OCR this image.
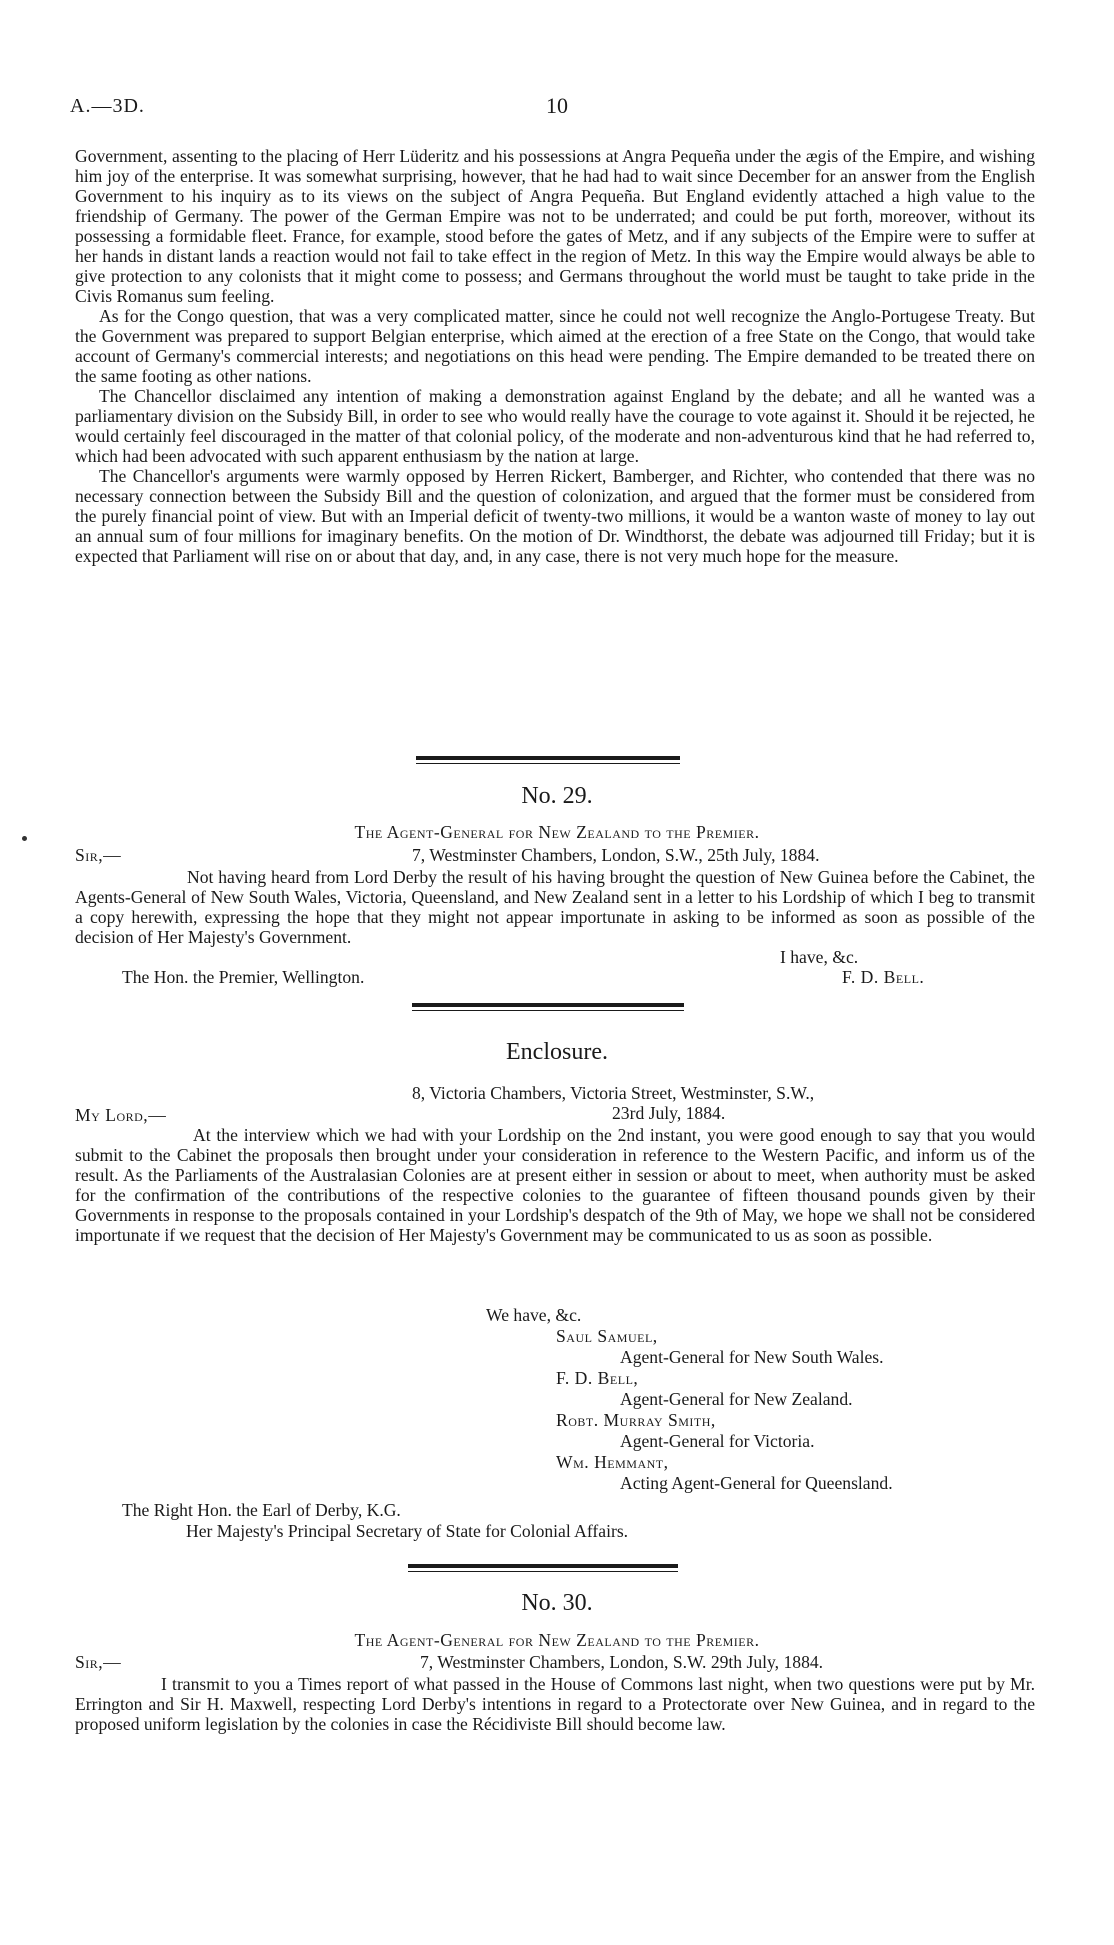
A.—3D.	10

Government, assenting to the placing of Herr Lüderitz and his possessions at Angra Pequeña under the ægis of the Empire, and wishing him joy of the enterprise. It was somewhat surprising, however, that he had had to wait since December for an answer from the English Government to his inquiry as to its views on the subject of Angra Pequeña. But England evidently attached a high value to the friendship of Germany. The power of the German Empire was not to be underrated; and could be put forth, moreover, without its possessing a formidable fleet. France, for example, stood before the gates of Metz, and if any subjects of the Empire were to suffer at her hands in distant lands a reaction would not fail to take effect in the region of Metz. In this way the Empire would always be able to give protection to any colonists that it might come to possess; and Germans throughout the world must be taught to take pride in the Civis Romanus sum feeling.

As for the Congo question, that was a very complicated matter, since he could not well recognize the Anglo-Portugese Treaty. But the Government was prepared to support Belgian enterprise, which aimed at the erection of a free State on the Congo, that would take account of Germany's commercial interests; and negotiations on this head were pending. The Empire demanded to be treated there on the same footing as other nations.

The Chancellor disclaimed any intention of making a demonstration against England by the debate; and all he wanted was a parliamentary division on the Subsidy Bill, in order to see who would really have the courage to vote against it. Should it be rejected, he would certainly feel discouraged in the matter of that colonial policy, of the moderate and non-adventurous kind that he had referred to, which had been advocated with such apparent enthusiasm by the nation at large.

The Chancellor's arguments were warmly opposed by Herren Rickert, Bamberger, and Richter, who contended that there was no necessary connection between the Subsidy Bill and the question of colonization, and argued that the former must be considered from the purely financial point of view. But with an Imperial deficit of twenty-two millions, it would be a wanton waste of money to lay out an annual sum of four millions for imaginary benefits. On the motion of Dr. Windthorst, the debate was adjourned till Friday; but it is expected that Parliament will rise on or about that day, and, in any case, there is not very much hope for the measure.

No. 29.
The Agent-General for New Zealand to the Premier.
Sir,—	7, Westminster Chambers, London, S.W., 25th July, 1884.

Not having heard from Lord Derby the result of his having brought the question of New Guinea before the Cabinet, the Agents-General of New South Wales, Victoria, Queensland, and New Zealand sent in a letter to his Lordship of which I beg to transmit a copy herewith, expressing the hope that they might not appear importunate in asking to be informed as soon as possible of the decision of Her Majesty's Government.

I have, &c.
The Hon. the Premier, Wellington.	F. D. Bell.
Enclosure.
8, Victoria Chambers, Victoria Street, Westminster, S.W.,
My Lord,—	23rd July, 1884.

At the interview which we had with your Lordship on the 2nd instant, you were good enough to say that you would submit to the Cabinet the proposals then brought under your consideration in reference to the Western Pacific, and inform us of the result. As the Parliaments of the Australasian Colonies are at present either in session or about to meet, when authority must be asked for the confirmation of the contributions of the respective colonies to the guarantee of fifteen thousand pounds given by their Governments in response to the proposals contained in your Lordship's despatch of the 9th of May, we hope we shall not be considered importunate if we request that the decision of Her Majesty's Government may be communicated to us as soon as possible.

We have, &c.
Saul Samuel,
Agent-General for New South Wales.
F. D. Bell,
Agent-General for New Zealand.
Robt. Murray Smith,
Agent-General for Victoria.
Wm. Hemmant,
Acting Agent-General for Queensland.
The Right Hon. the Earl of Derby, K.G.
Her Majesty's Principal Secretary of State for Colonial Affairs.
No. 30.
The Agent-General for New Zealand to the Premier.
Sir,—	7, Westminster Chambers, London, S.W. 29th July, 1884.

I transmit to you a Times report of what passed in the House of Commons last night, when two questions were put by Mr. Errington and Sir H. Maxwell, respecting Lord Derby's intentions in regard to a Protectorate over New Guinea, and in regard to the proposed uniform legislation by the colonies in case the Récidiviste Bill should become law.
